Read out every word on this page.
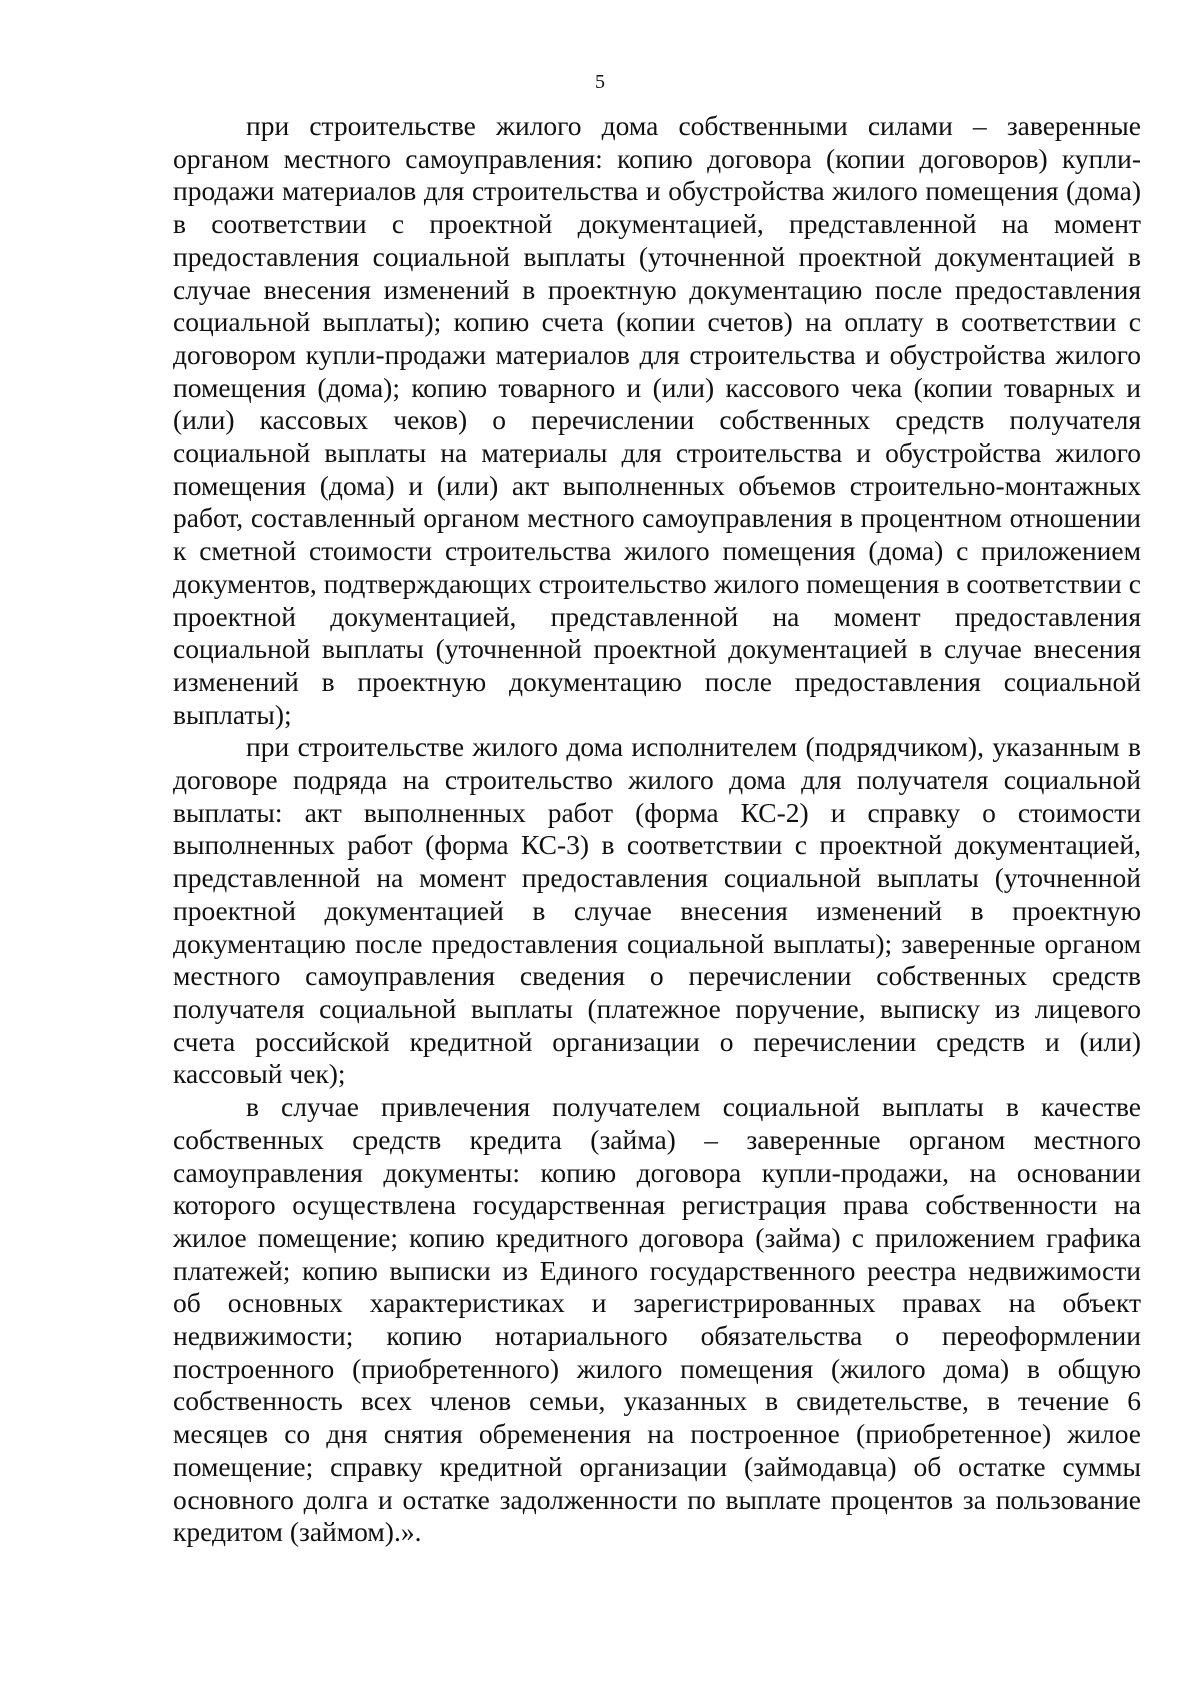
5

при строительстве жилого дома собственными силами – заверенные органом местного самоуправления: копию договора (копии договоров) купли-продажи материалов для строительства и обустройства жилого помещения (дома) в соответствии с проектной документацией, представленной на момент предоставления социальной выплаты (уточненной проектной документацией в случае внесения изменений в проектную документацию после предоставления социальной выплаты); копию счета (копии счетов) на оплату в соответствии с договором купли-продажи материалов для строительства и обустройства жилого помещения (дома); копию товарного и (или) кассового чека (копии товарных и (или) кассовых чеков) о перечислении собственных средств получателя социальной выплаты на материалы для строительства и обустройства жилого помещения (дома) и (или) акт выполненных объемов строительно-монтажных работ, составленный органом местного самоуправления в процентном отношении к сметной стоимости строительства жилого помещения (дома) с приложением документов, подтверждающих строительство жилого помещения в соответствии с проектной документацией, представленной на момент предоставления социальной выплаты (уточненной проектной документацией в случае внесения изменений в проектную документацию после предоставления социальной выплаты);

при строительстве жилого дома исполнителем (подрядчиком), указанным в договоре подряда на строительство жилого дома для получателя социальной выплаты: акт выполненных работ (форма КС-2) и справку о стоимости выполненных работ (форма КС-3) в соответствии с проектной документацией, представленной на момент предоставления социальной выплаты (уточненной проектной документацией в случае внесения изменений в проектную документацию после предоставления социальной выплаты); заверенные органом местного самоуправления сведения о перечислении собственных средств получателя социальной выплаты (платежное поручение, выписку из лицевого счета российской кредитной организации о перечислении средств и (или) кассовый чек);

в случае привлечения получателем социальной выплаты в качестве собственных средств кредита (займа) – заверенные органом местного самоуправления документы: копию договора купли-продажи, на основании которого осуществлена государственная регистрация права собственности на жилое помещение; копию кредитного договора (займа) с приложением графика платежей; копию выписки из Единого государственного реестра недвижимости об основных характеристиках и зарегистрированных правах на объект недвижимости; копию нотариального обязательства о переоформлении построенного (приобретенного) жилого помещения (жилого дома) в общую собственность всех членов семьи, указанных в свидетельстве, в течение 6 месяцев со дня снятия обременения на построенное (приобретенное) жилое помещение; справку кредитной организации (займодавца) об остатке суммы основного долга и остатке задолженности по выплате процентов за пользование кредитом (займом).».
